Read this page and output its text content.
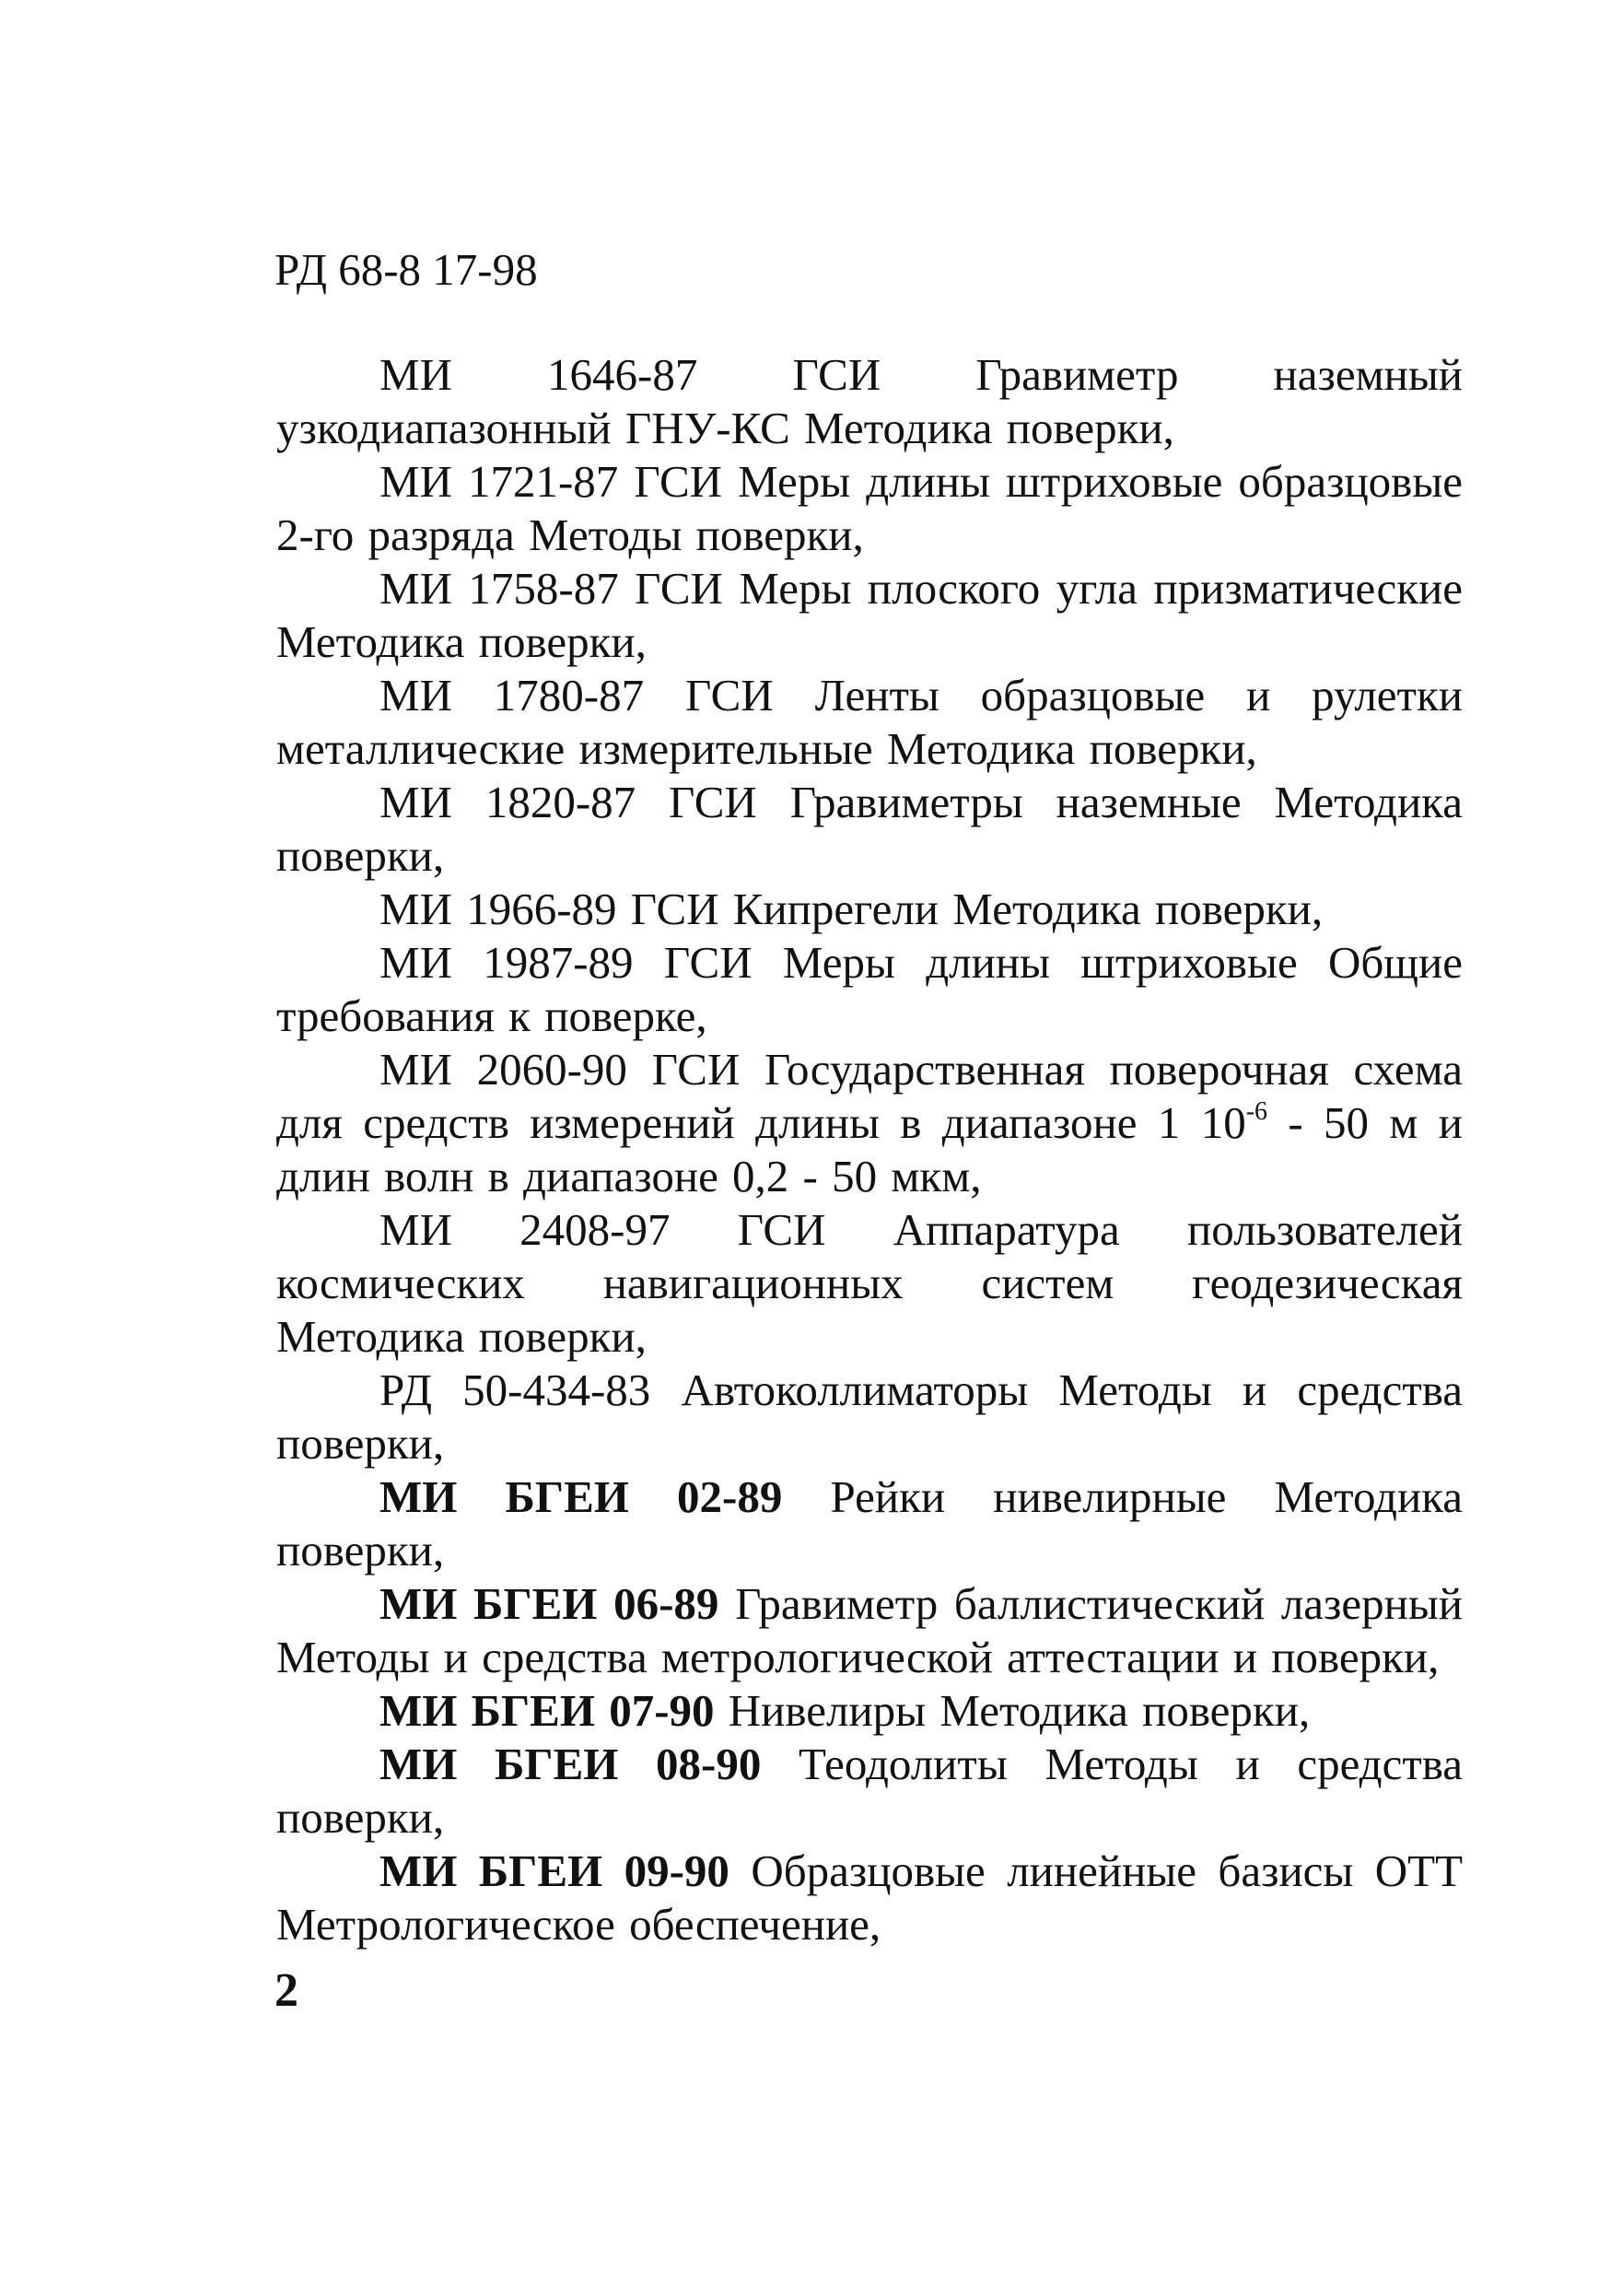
РД 68-8 17-98
МИ 1646-87 ГСИ Гравиметр наземный узкодиапазонный ГНУ-КС Методика поверки,
МИ 1721-87 ГСИ Меры длины штриховые образцовые 2-го разряда Методы поверки,
МИ 1758-87 ГСИ Меры плоского угла призматические Методика поверки,
МИ 1780-87 ГСИ Ленты образцовые и рулетки металлические измерительные Методика поверки,
МИ 1820-87 ГСИ Гравиметры наземные Методика поверки,
МИ 1966-89 ГСИ Кипрегели Методика поверки,
МИ 1987-89 ГСИ Меры длины штриховые Общие требования к поверке,
МИ 2060-90 ГСИ Государственная поверочная схема для средств измерений длины в диапазоне 1 $10^{-6} - 50$ м и длин волн в диапазоне 0,2 - 50 мкм,
МИ 2408-97 ГСИ Аппаратура пользователей космических навигационных систем геодезическая Методика поверки,
РД 50-434-83 Автоколлиматоры Методы и средства поверки,
МИ БГЕИ 02-89 Рейки нивелирные Методика поверки,
МИ БГЕИ 06-89 Гравиметр баллистический лазерный Методы и средства метрологической аттестации и поверки,
МИ БГЕИ 07-90 Нивелиры Методика поверки,
МИ БГЕИ 08-90 Теодолиты Методы и средства поверки,
МИ БГЕИ 09-90 Образцовые линейные базисы ОТТ Метрологическое обеспечение,
2
